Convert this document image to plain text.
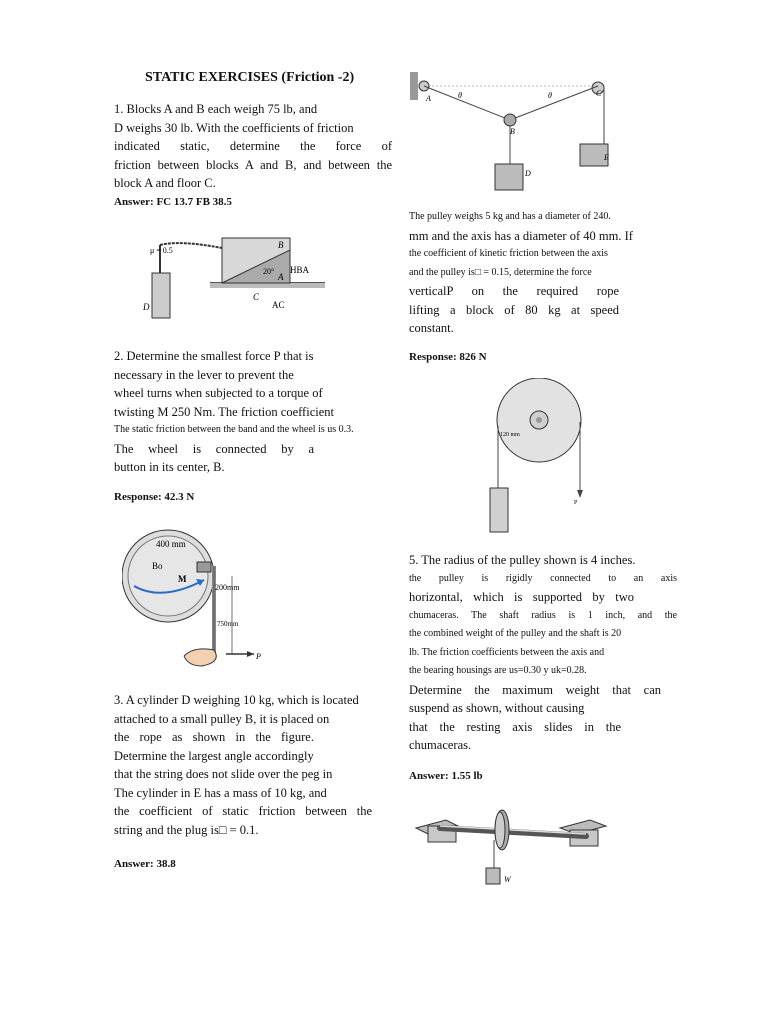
STATIC EXERCISES (Friction -2)
1. Blocks A and B each weigh 75 lb, and
D weighs 30 lb. With the coefficients of friction
indicated static, determine the force of
friction between blocks A and B, and between the
block A and floor C.
Answer: FC 13.7 FB 38.5
μ = 0.5
D
B
A
C
20° HBA
AC
2. Determine the smallest force P that is
necessary in the lever to prevent the
wheel turns when subjected to a torque of
twisting M 250 Nm. The friction coefficient
The static friction between the band and the wheel is us 0.3.
The wheel is connected by a
button in its center, B.
Response: 42.3 N
400 mm
Bo
M
200mm
750mm
P
3. A cylinder D weighing 10 kg, which is located
attached to a small pulley B, it is placed on
the rope as shown in the figure.
Determine the largest angle accordingly
that the string does not slide over the peg in
The cylinder in E has a mass of 10 kg, and
the coefficient of static friction between the
string and the plug is□ = 0.1.
Answer: 38.8
A	θ	θ
B
C
D
E
The pulley weighs 5 kg and has a diameter of 240.
mm and the axis has a diameter of 40 mm. If
the coefficient of kinetic friction between the axis
and the pulley is□ = 0.15, determine the force
verticalP on the required rope
lifting a block of 80 kg at speed
constant.
Response: 826 N
120 mm
P
5. The radius of the pulley shown is 4 inches.
the pulley is rigidly connected to an axis
horizontal, which is supported by two
chumaceras. The shaft radius is 1 inch, and the
the combined weight of the pulley and the shaft is 20
lb. The friction coefficients between the axis and
the bearing housings are us=0.30 y uk=0.28.
Determine the maximum weight that can
suspend as shown, without causing
that the resting axis slides in the
chumaceras.
Answer: 1.55 lb
W
